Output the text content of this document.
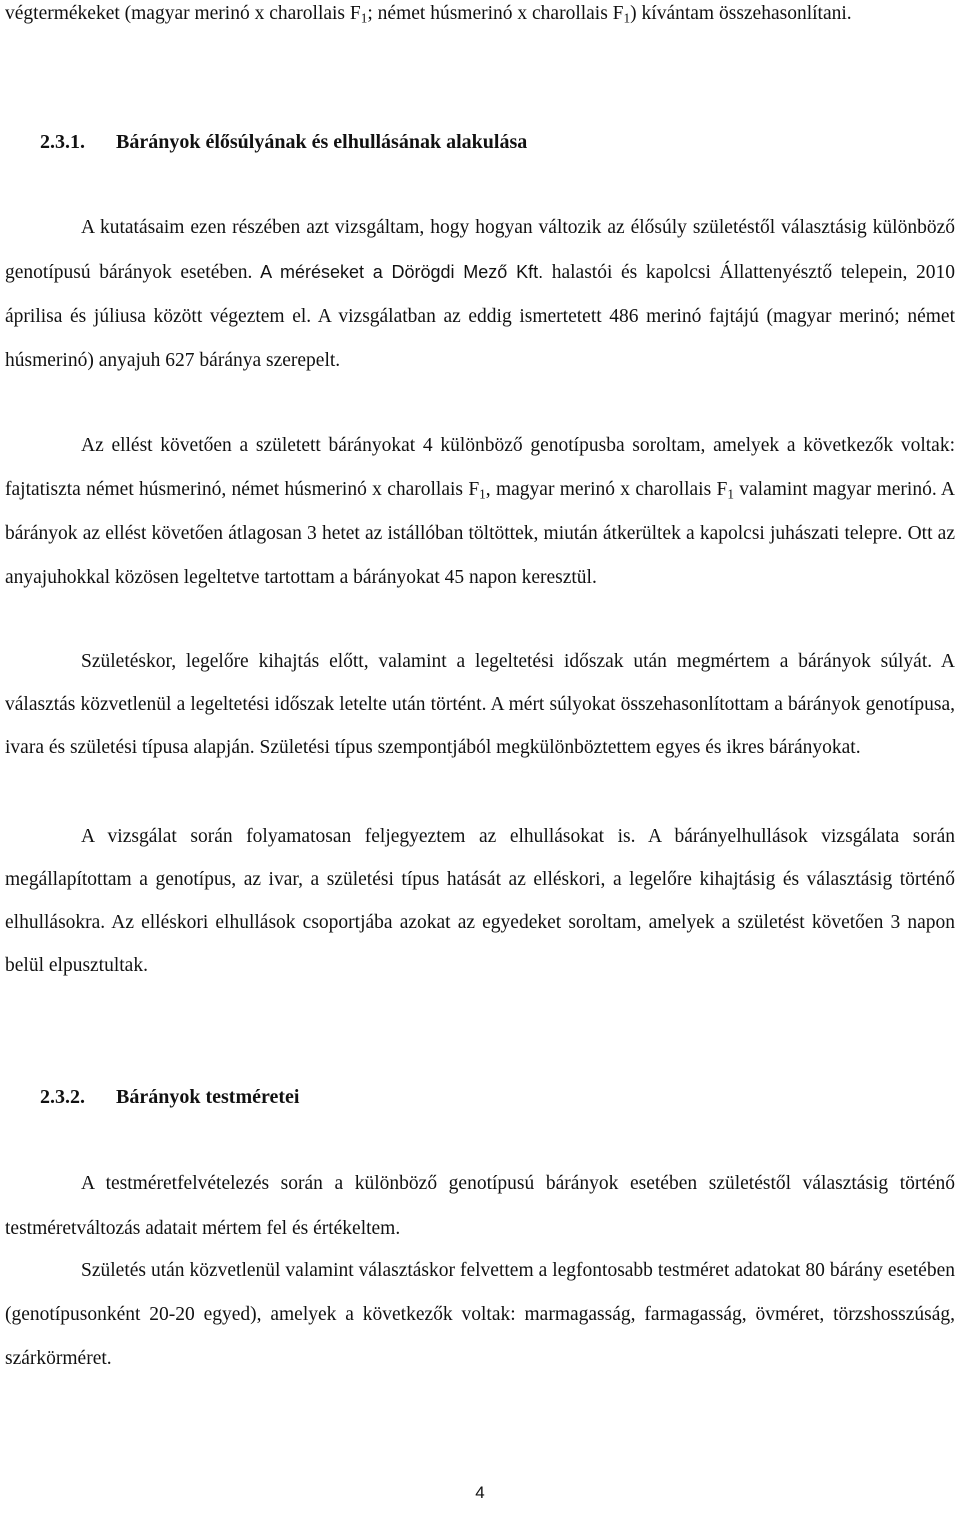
végtermékeket (magyar merinó x charollais $F_1$; német húsmerinó x charollais $F_1$) kívántam összehasonlítani.

2.3.1. Bárányok élősúlyának és elhullásának alakulása

A kutatásaim ezen részében azt vizsgáltam, hogy hogyan változik az élősúly születéstől választásig különböző genotípusú bárányok esetében. A méréseket a Dörögdi Mező Kft. halastói és kapolcsi Állattenyésztő telepein, 2010 áprilisa és júliusa között végeztem el. A vizsgálatban az eddig ismertetett 486 merinó fajtájú (magyar merinó; német húsmerinó) anyajuh 627 báránya szerepelt.

Az ellést követően a született bárányokat 4 különböző genotípusba soroltam, amelyek a következők voltak: fajtatiszta német húsmerinó, német húsmerinó x charollais $F_1$, magyar merinó x charollais $F_1$ valamint magyar merinó. A bárányok az ellést követően átlagosan 3 hetet az istállóban töltöttek, miután átkerültek a kapolcsi juhászati telepre. Ott az anyajuhokkal közösen legeltetve tartottam a bárányokat 45 napon keresztül.

Születéskor, legelőre kihajtás előtt, valamint a legeltetési időszak után megmértem a bárányok súlyát. A választás közvetlenül a legeltetési időszak letelte után történt. A mért súlyokat összehasonlítottam a bárányok genotípusa, ivara és születési típusa alapján. Születési típus szempontjából megkülönböztettem egyes és ikres bárányokat.

A vizsgálat során folyamatosan feljegyeztem az elhullásokat is. A bárányelhullások vizsgálata során megállapítottam a genotípus, az ivar, a születési típus hatását az elléskori, a legelőre kihajtásig és választásig történő elhullásokra. Az elléskori elhullások csoportjába azokat az egyedeket soroltam, amelyek a születést követően 3 napon belül elpusztultak.

2.3.2. Bárányok testméretei

A testméretfelvételezés során a különböző genotípusú bárányok esetében születéstől választásig történő testméretváltozás adatait mértem fel és értékeltem.

Születés után közvetlenül valamint választáskor felvettem a legfontosabb testméret adatokat 80 bárány esetében (genotípusonként 20-20 egyed), amelyek a következők voltak: marmagasság, farmagasság, övméret, törzshosszúság, szárkörméret.

4
